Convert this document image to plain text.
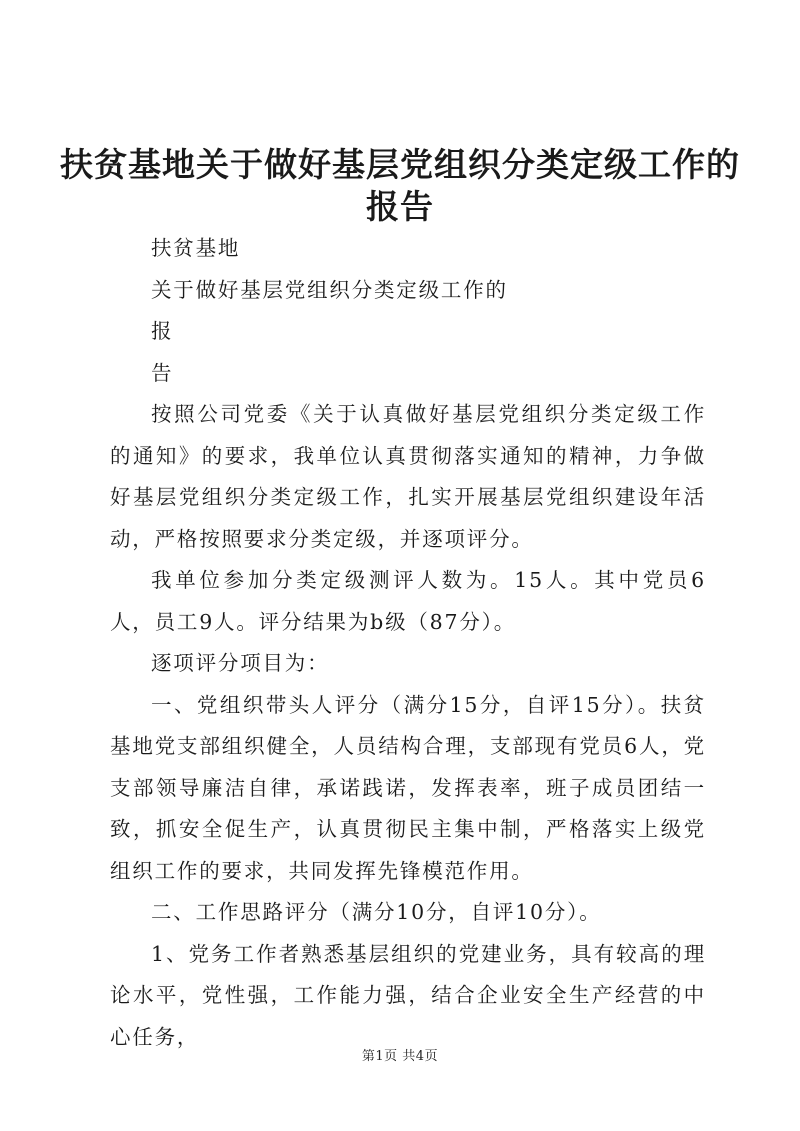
扶贫基地关于做好基层党组织分类定级工作的
报告

扶贫基地

关于做好基层党组织分类定级工作的

报

告

按照公司党委《关于认真做好基层党组织分类定级工作的通知》的要求，我单位认真贯彻落实通知的精神，力争做好基层党组织分类定级工作，扎实开展基层党组织建设年活动，严格按照要求分类定级，并逐项评分。

我单位参加分类定级测评人数为。15人。其中党员6人，员工9人。评分结果为b级（87分）。

逐项评分项目为：

一、党组织带头人评分（满分15分，自评15分）。扶贫基地党支部组织健全，人员结构合理，支部现有党员6人，党支部领导廉洁自律，承诺践诺，发挥表率，班子成员团结一致，抓安全促生产，认真贯彻民主集中制，严格落实上级党组织工作的要求，共同发挥先锋模范作用。

二、工作思路评分（满分10分，自评10分）。

1、党务工作者熟悉基层组织的党建业务，具有较高的理论水平，党性强，工作能力强，结合企业安全生产经营的中心任务，

第1页 共4页
